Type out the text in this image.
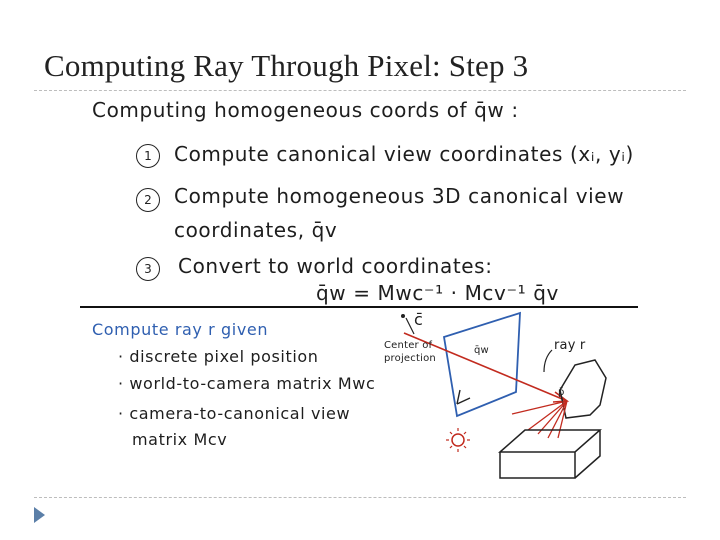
Computing Ray Through Pixel: Step 3
Computing homogeneous coords of q̄w :
1	Compute canonical view coordinates (xᵢ, yᵢ)
2	Compute homogeneous 3D canonical view
coordinates, q̄v
3	Convert to world coordinates:
q̄w = Mwc⁻¹ · Mcv⁻¹ q̄v
Compute ray r given
· discrete pixel position
· world-to-camera matrix Mwc
· camera-to-canonical view
matrix Mcv
c̄
Center of
projection
q̄w	ray r
p̄
